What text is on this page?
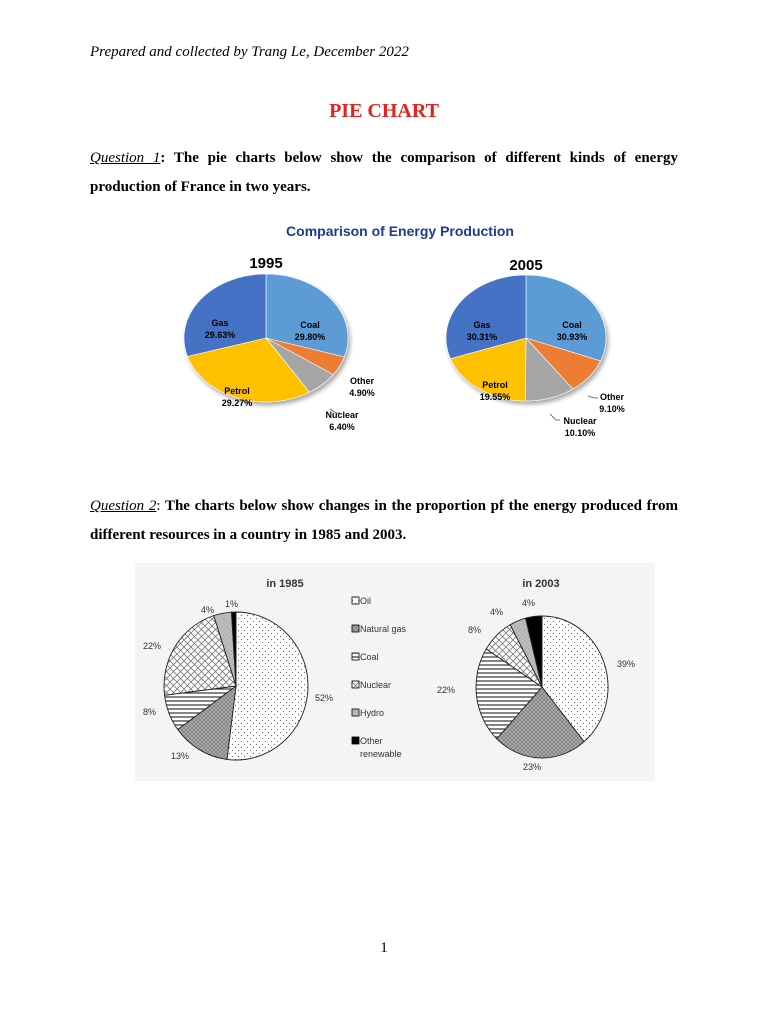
Prepared and collected by Trang Le, December 2022
PIE CHART
Question 1: The pie charts below show the comparison of different kinds of energy production of France in two years.
Comparison of Energy Production
1995	2005
Gas
29.63%
Coal
29.80%
Petrol
29.27%
Other
4.90%
Nuclear
6.40%
Gas
30.31%
Coal
30.93%
Petrol
19.55%	Other
9.10%
Nuclear
10.10%
Question 2: The charts below show changes in the proportion pf the energy produced from different resources in a country in 1985 and 2003.
in 1985	in 2003
1%
4%
22%
8%
13%
52%
Oil
Natural gas
Coal
Nuclear
Hydro
Other
renewable
4%
4%
8%
22%
23%
39%
1
